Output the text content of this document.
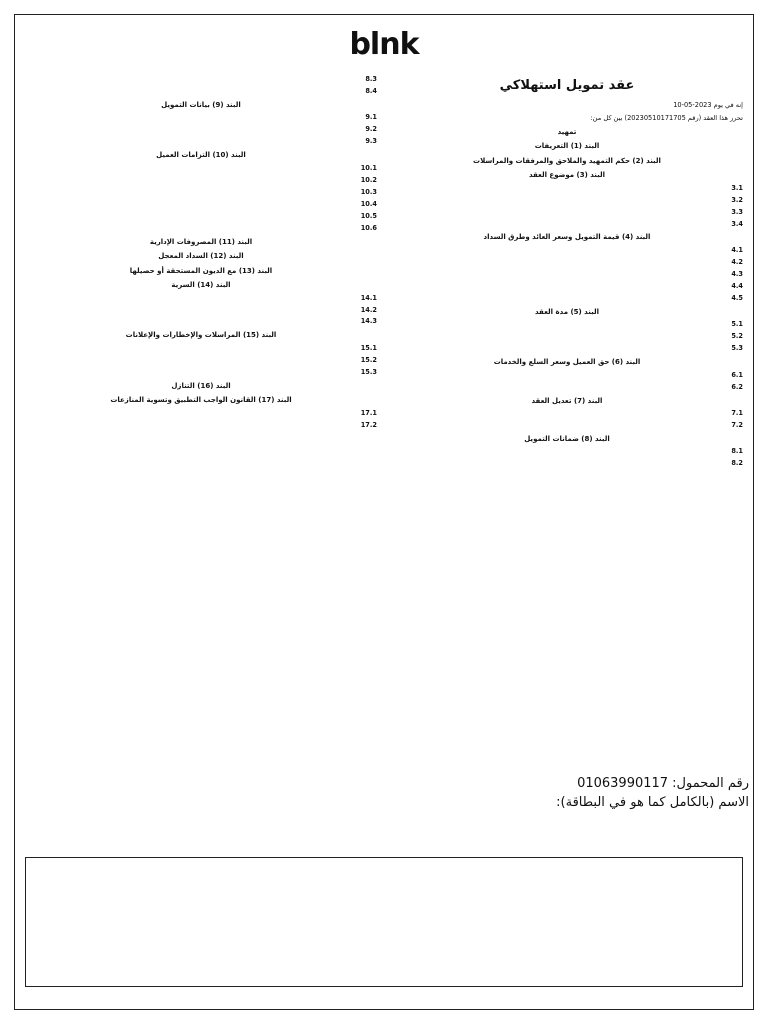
blnk
عقد تمويل استهلاكي
إنه في يوم 2023-05-10
تحرر هذا العقد (رقم 20230510171705) بين كل من:
تمهيد
البند (1) التعريفات
البند (2) حكم التمهيد والملاحق والمرفقات والمراسلات
البند (3) موضوع العقد
3.1
3.2
3.3
3.4
البند (4) قيمة التمويل وسعر العائد وطرق السداد
4.1
4.2
4.3
4.4
4.5
البند (5) مدة العقد
5.1
5.2
5.3
البند (6) حق العميل وسعر السلع والخدمات
6.1
6.2
البند (7) تعديل العقد
7.1
7.2
البند (8) ضمانات التمويل
8.1
8.2
8.3
8.4
البند (9) بيانات التمويل
9.1
9.2
9.3
البند (10) التزامات العميل
10.1
10.2
10.3
10.4
10.5
10.6
البند (11) المصروفات الإدارية
البند (12) السداد المعجل
البند (13) مع الديون المستحقة أو حصيلها
البند (14) السرية
14.1
14.2
14.3
البند (15) المراسلات والإخطارات والإعلانات
15.1
15.2
15.3
البند (16) التنازل
البند (17) القانون الواجب التطبيق وتسوية المنازعات
17.1
17.2
رقم المحمول: 01063990117
الاسم (بالكامل كما هو في البطاقة):
